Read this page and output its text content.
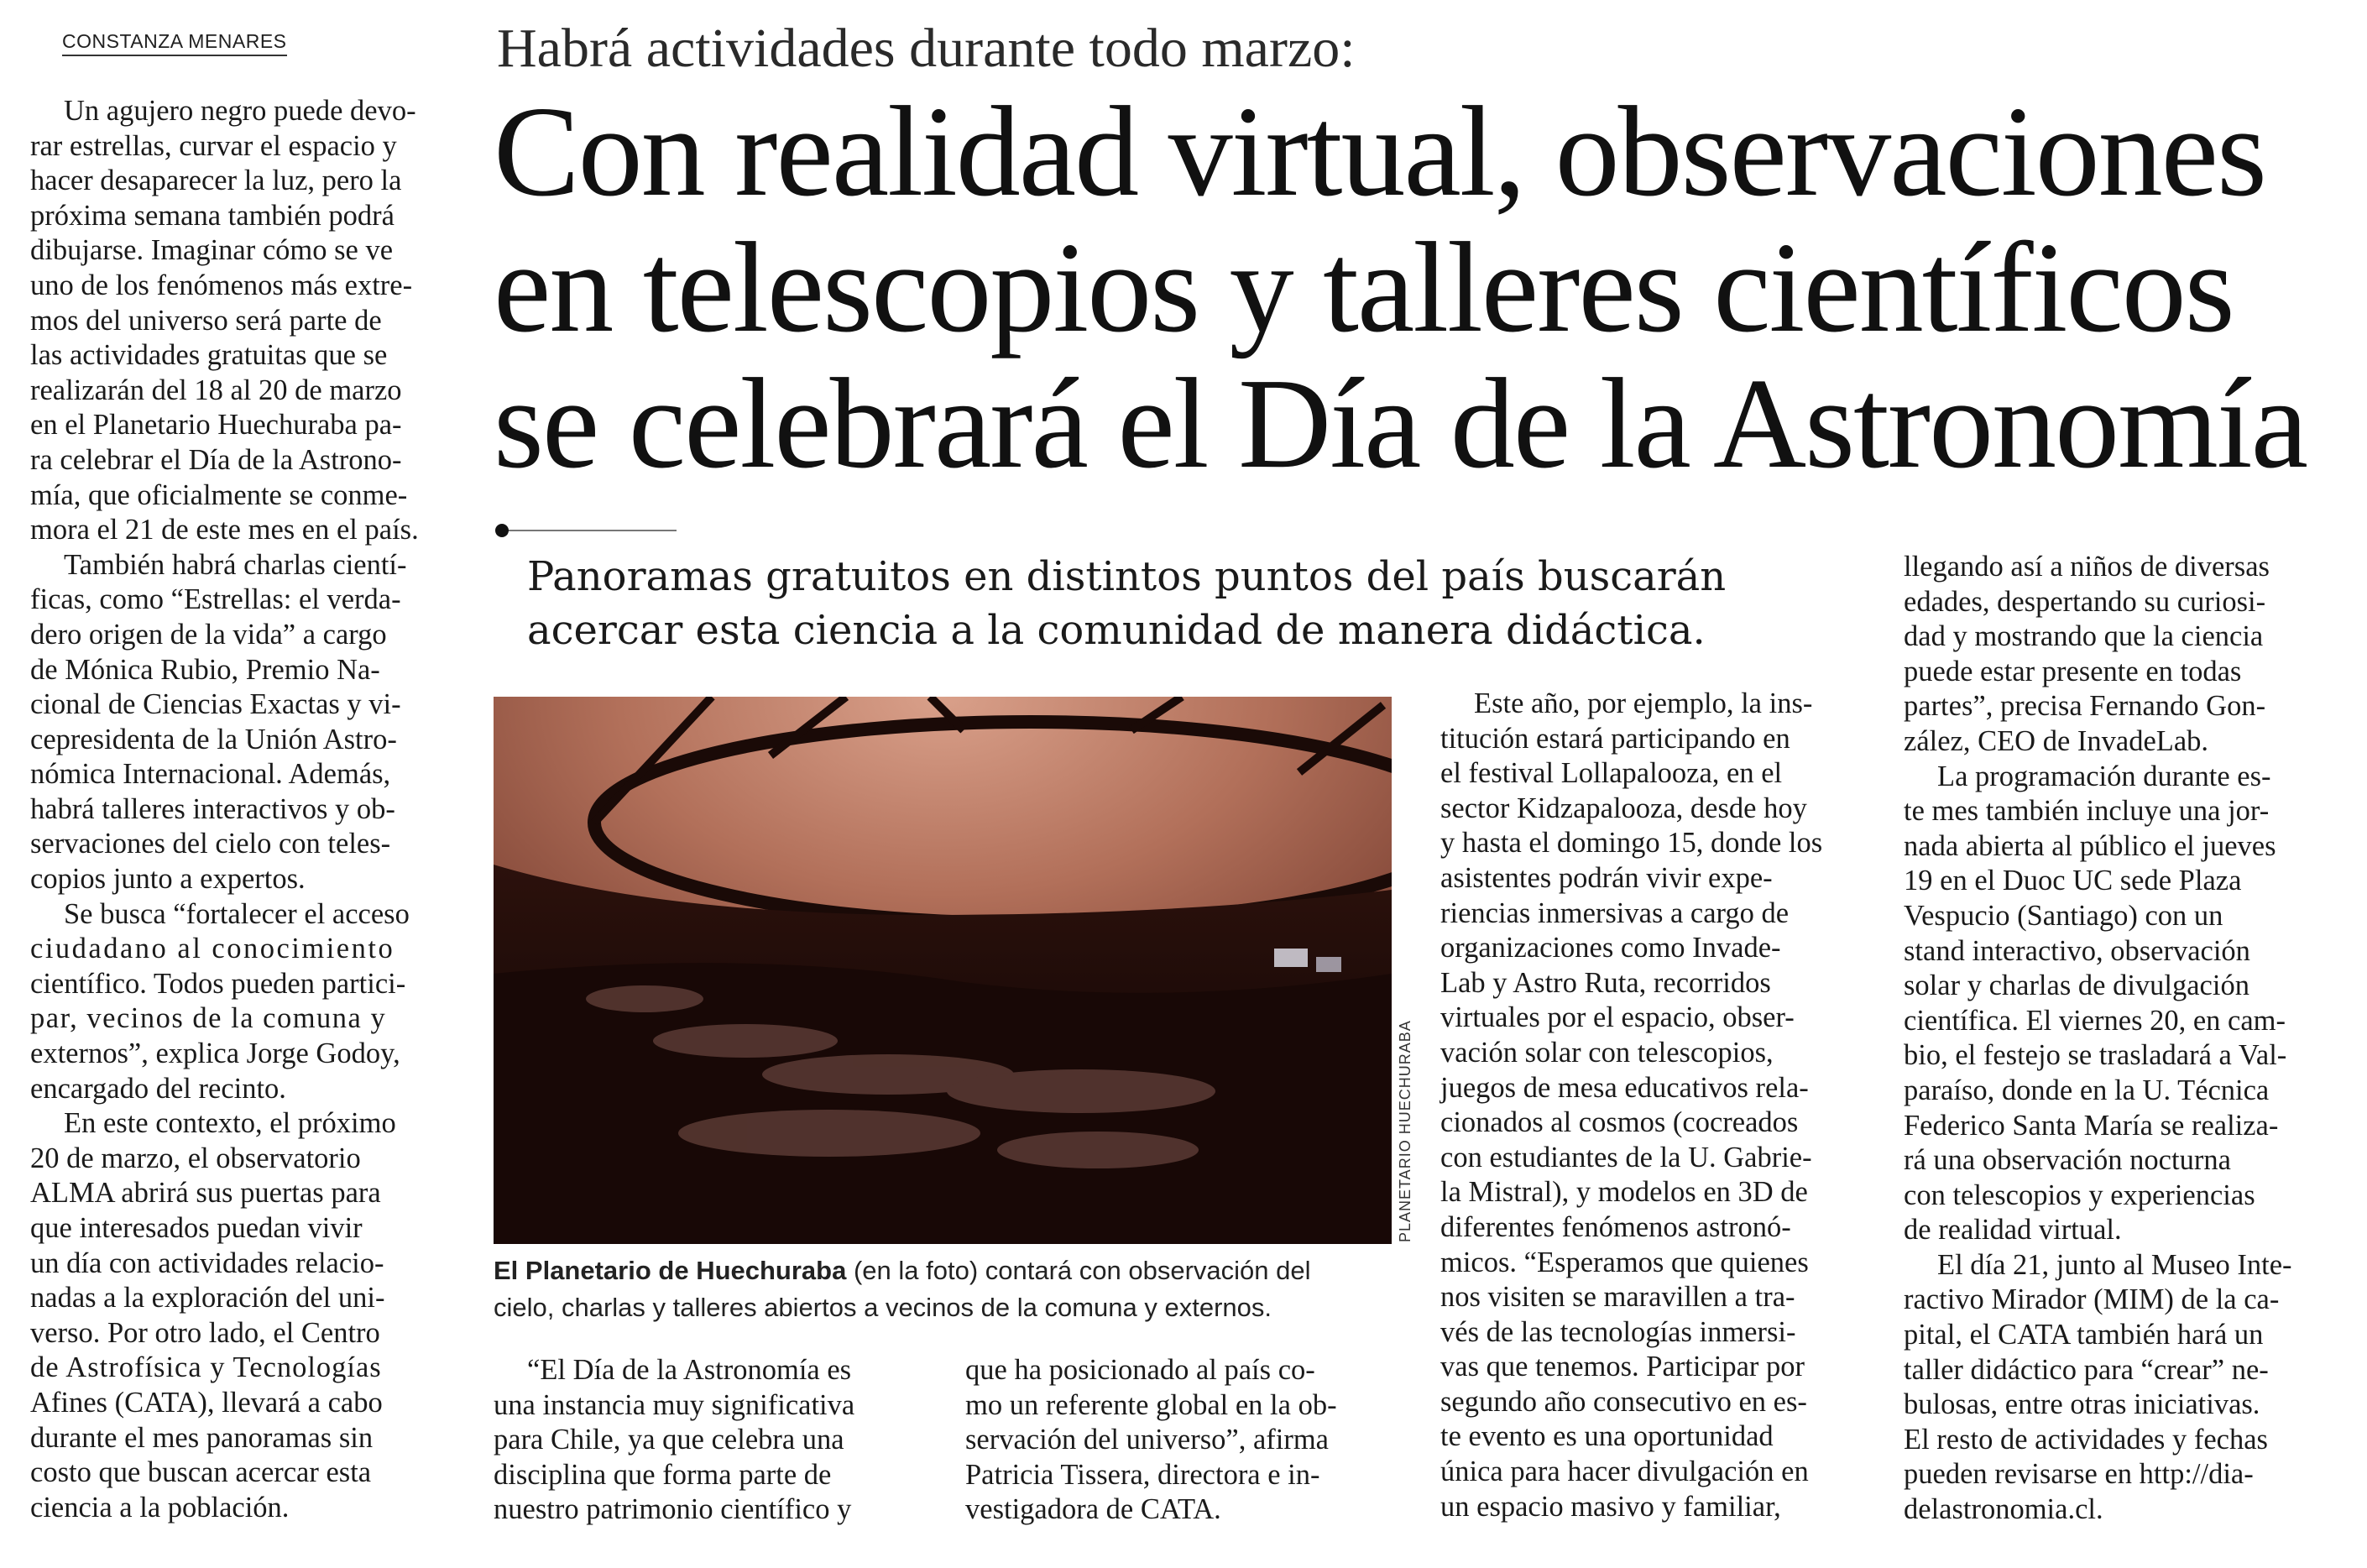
CONSTANZA MENARES	Habrá actividades durante todo marzo:
Con realidad virtual, observaciones
en telescopios y talleres científicos
se celebrará el Día de la Astronomía
Panoramas gratuitos en distintos puntos del país buscarán
acercar esta ciencia a la comunidad de manera didáctica.
Un agujero negro puede devo-
rar estrellas, curvar el espacio y
hacer desaparecer la luz, pero la
próxima semana también podrá
dibujarse. Imaginar cómo se ve
uno de los fenómenos más extre-
mos del universo será parte de
las actividades gratuitas que se
realizarán del 18 al 20 de marzo
en el Planetario Huechuraba pa-
ra celebrar el Día de la Astrono-
mía, que oficialmente se conme-
mora el 21 de este mes en el país.
También habrá charlas cientí-
ficas, como “Estrellas: el verda-
dero origen de la vida” a cargo
de Mónica Rubio, Premio Na-
cional de Ciencias Exactas y vi-
cepresidenta de la Unión Astro-
nómica Internacional. Además,
habrá talleres interactivos y ob-
servaciones del cielo con teles-
copios junto a expertos.
Se busca “fortalecer el acceso
ciudadano al conocimiento
científico. Todos pueden partici-
par, vecinos de la comuna y
externos”, explica Jorge Godoy,
encargado del recinto.
En este contexto, el próximo
20 de marzo, el observatorio
ALMA abrirá sus puertas para
que interesados puedan vivir
un día con actividades relacio-
nadas a la exploración del uni-
verso. Por otro lado, el Centro
de Astrofísica y Tecnologías
Afines (CATA), llevará a cabo
durante el mes panoramas sin
costo que buscan acercar esta
ciencia a la población.
PLANETARIO HUECHURABA
El Planetario de Huechuraba (en la foto) contará con observación del
cielo, charlas y talleres abiertos a vecinos de la comuna y externos.
“El Día de la Astronomía es
una instancia muy significativa
para Chile, ya que celebra una
disciplina que forma parte de
nuestro patrimonio científico y
que ha posicionado al país co-
mo un referente global en la ob-
servación del universo”, afirma
Patricia Tissera, directora e in-
vestigadora de CATA.
Este año, por ejemplo, la ins-
titución estará participando en
el festival Lollapalooza, en el
sector Kidzapalooza, desde hoy
y hasta el domingo 15, donde los
asistentes podrán vivir expe-
riencias inmersivas a cargo de
organizaciones como Invade-
Lab y Astro Ruta, recorridos
virtuales por el espacio, obser-
vación solar con telescopios,
juegos de mesa educativos rela-
cionados al cosmos (cocreados
con estudiantes de la U. Gabrie-
la Mistral), y modelos en 3D de
diferentes fenómenos astronó-
micos. “Esperamos que quienes
nos visiten se maravillen a tra-
vés de las tecnologías inmersi-
vas que tenemos. Participar por
segundo año consecutivo en es-
te evento es una oportunidad
única para hacer divulgación en
un espacio masivo y familiar,
llegando así a niños de diversas
edades, despertando su curiosi-
dad y mostrando que la ciencia
puede estar presente en todas
partes”, precisa Fernando Gon-
zález, CEO de InvadeLab.
La programación durante es-
te mes también incluye una jor-
nada abierta al público el jueves
19 en el Duoc UC sede Plaza
Vespucio (Santiago) con un
stand interactivo, observación
solar y charlas de divulgación
científica. El viernes 20, en cam-
bio, el festejo se trasladará a Val-
paraíso, donde en la U. Técnica
Federico Santa María se realiza-
rá una observación nocturna
con telescopios y experiencias
de realidad virtual.
El día 21, junto al Museo Inte-
ractivo Mirador (MIM) de la ca-
pital, el CATA también hará un
taller didáctico para “crear” ne-
bulosas, entre otras iniciativas.
El resto de actividades y fechas
pueden revisarse en http://dia-
delastronomia.cl.
